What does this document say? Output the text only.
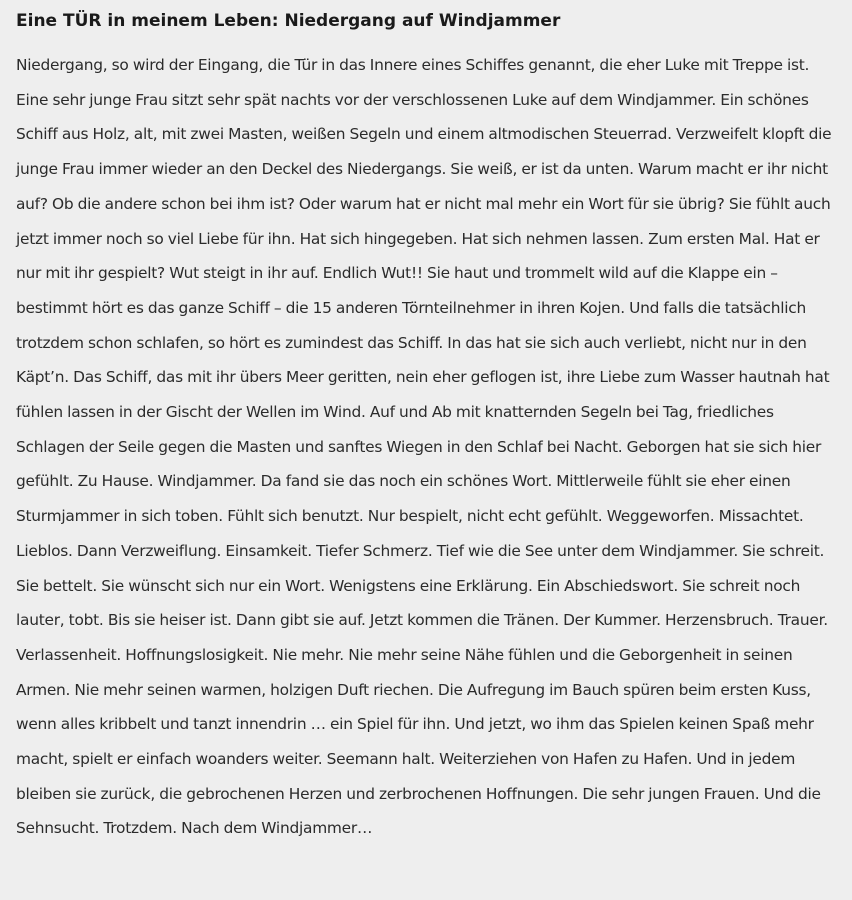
Eine TÜR in meinem Leben: Niedergang auf Windjammer

Niedergang, so wird der Eingang, die Tür in das Innere eines Schiffes genannt, die eher Luke mit Treppe ist. Eine sehr junge Frau sitzt sehr spät nachts vor der verschlossenen Luke auf dem Windjammer. Ein schönes Schiff aus Holz, alt, mit zwei Masten, weißen Segeln und einem altmodischen Steuerrad. Verzweifelt klopft die junge Frau immer wieder an den Deckel des Niedergangs. Sie weiß, er ist da unten. Warum macht er ihr nicht auf? Ob die andere schon bei ihm ist? Oder warum hat er nicht mal mehr ein Wort für sie übrig? Sie fühlt auch jetzt immer noch so viel Liebe für ihn. Hat sich hingegeben. Hat sich nehmen lassen. Zum ersten Mal. Hat er nur mit ihr gespielt? Wut steigt in ihr auf. Endlich Wut!! Sie haut und trommelt wild auf die Klappe ein – bestimmt hört es das ganze Schiff – die 15 anderen Törnteilnehmer in ihren Kojen. Und falls die tatsächlich trotzdem schon schlafen, so hört es zumindest das Schiff. In das hat sie sich auch verliebt, nicht nur in den Käpt’n. Das Schiff, das mit ihr übers Meer geritten, nein eher geflogen ist, ihre Liebe zum Wasser hautnah hat fühlen lassen in der Gischt der Wellen im Wind. Auf und Ab mit knatternden Segeln bei Tag, friedliches Schlagen der Seile gegen die Masten und sanftes Wiegen in den Schlaf bei Nacht. Geborgen hat sie sich hier gefühlt. Zu Hause. Windjammer. Da fand sie das noch ein schönes Wort. Mittlerweile fühlt sie eher einen Sturmjammer in sich toben. Fühlt sich benutzt. Nur bespielt, nicht echt gefühlt. Weggeworfen. Missachtet. Lieblos. Dann Verzweiflung. Einsamkeit. Tiefer Schmerz. Tief wie die See unter dem Windjammer. Sie schreit. Sie bettelt. Sie wünscht sich nur ein Wort. Wenigstens eine Erklärung. Ein Abschiedswort. Sie schreit noch lauter, tobt. Bis sie heiser ist. Dann gibt sie auf. Jetzt kommen die Tränen. Der Kummer. Herzensbruch. Trauer. Verlassenheit. Hoffnungslosigkeit. Nie mehr. Nie mehr seine Nähe fühlen und die Geborgenheit in seinen Armen. Nie mehr seinen warmen, holzigen Duft riechen. Die Aufregung im Bauch spüren beim ersten Kuss, wenn alles kribbelt und tanzt innendrin … ein Spiel für ihn. Und jetzt, wo ihm das Spielen keinen Spaß mehr macht, spielt er einfach woanders weiter. Seemann halt. Weiterziehen von Hafen zu Hafen. Und in jedem bleiben sie zurück, die gebrochenen Herzen und zerbrochenen Hoffnungen. Die sehr jungen Frauen. Und die Sehnsucht. Trotzdem. Nach dem Windjammer…
